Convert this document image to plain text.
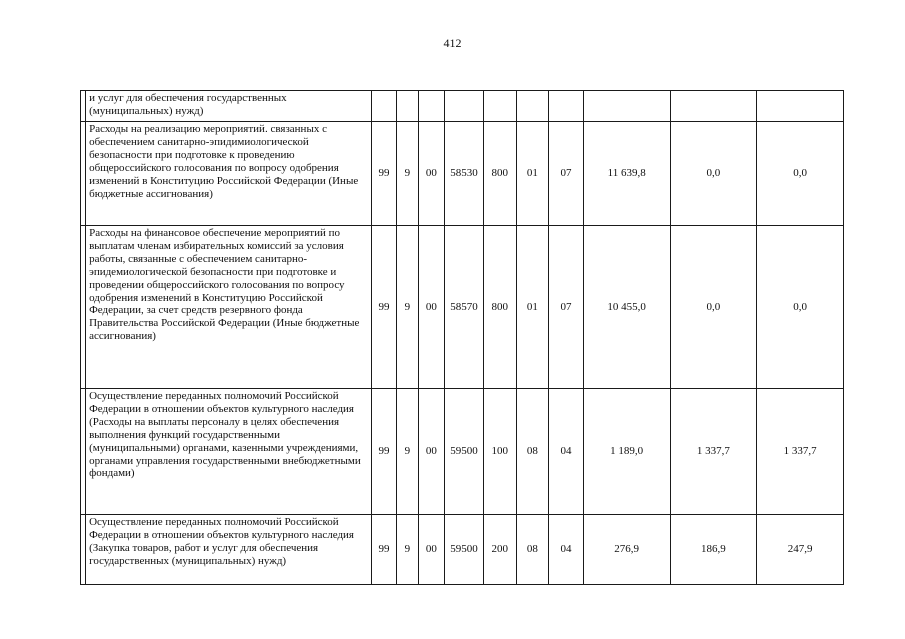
412
	и услуг для обеспечения государственных (муниципальных) нужд)										
	Расходы на реализацию мероприятий. связанных с обеспечением санитарно-эпидимиологической безопасности при подготовке к проведению общероссийского голосования по вопросу одобрения изменений в Конституцию Российской Федерации (Иные бюджетные ассигнования)	99	9	00	58530	800	01	07	11 639,8	0,0	0,0
	Расходы на финансовое обеспечение мероприятий по выплатам членам избирательных комиссий за условия работы, связанные с обеспечением санитарно-эпидемиологической безопасности при подготовке и проведении общероссийского голосования по вопросу одобрения изменений в Конституцию Российской Федерации, за счет средств резервного фонда Правительства Российской Федерации (Иные бюджетные ассигнования)	99	9	00	58570	800	01	07	10 455,0	0,0	0,0
	Осуществление переданных полномочий Российской Федерации в отношении объектов культурного наследия (Расходы на выплаты персоналу в целях обеспечения выполнения функций государственными (муниципальными) органами, казенными учреждениями, органами управления государственными внебюджетными фондами)	99	9	00	59500	100	08	04	1 189,0	1 337,7	1 337,7
	Осуществление переданных полномочий Российской Федерации в отношении объектов культурного наследия (Закупка товаров, работ и услуг для обеспечения государственных (муниципальных) нужд)	99	9	00	59500	200	08	04	276,9	186,9	247,9
